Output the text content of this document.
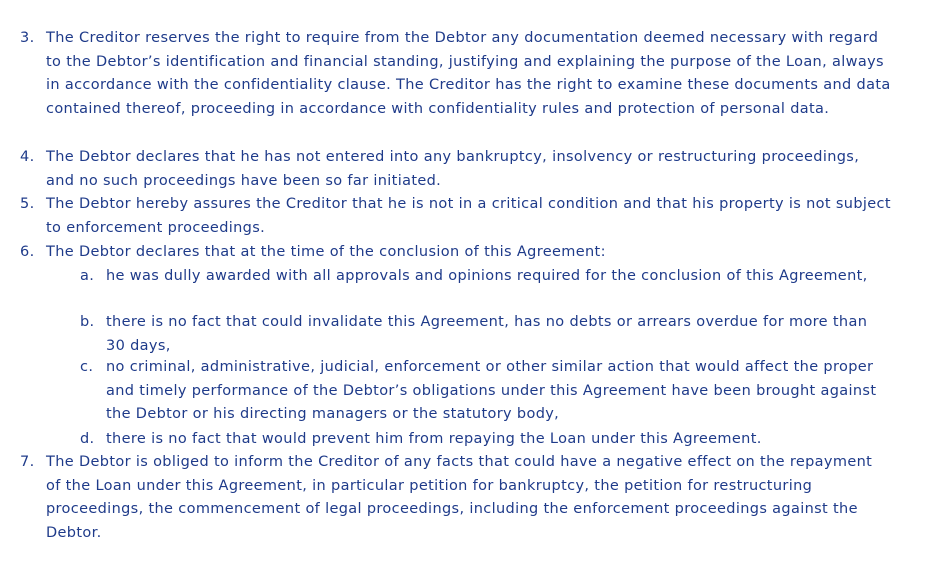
3. The Creditor reserves the right to require from the Debtor any documentation deemed necessary with regard to the Debtor’s identification and financial standing, justifying and explaining the purpose of the Loan, always in accordance with the confidentiality clause. The Creditor has the right to examine these documents and data contained thereof, proceeding in accordance with confidentiality rules and protection of personal data.
4. The Debtor declares that he has not entered into any bankruptcy, insolvency or restructuring proceedings, and no such proceedings have been so far initiated.
5. The Debtor hereby assures the Creditor that he is not in a critical condition and that his property is not subject to enforcement proceedings.
6. The Debtor declares that at the time of the conclusion of this Agreement:
a. he was dully awarded with all approvals and opinions required for the conclusion of this Agreement,
b. there is no fact that could invalidate this Agreement, has no debts or arrears overdue for more than 30 days,
c. no criminal, administrative, judicial, enforcement or other similar action that would affect the proper and timely performance of the Debtor’s obligations under this Agreement have been brought against the Debtor or his directing managers or the statutory body,
d. there is no fact that would prevent him from repaying the Loan under this Agreement.
7. The Debtor is obliged to inform the Creditor of any facts that could have a negative effect on the repayment of the Loan under this Agreement, in particular petition for bankruptcy, the petition for restructuring proceedings, the commencement of legal proceedings, including the enforcement proceedings against the Debtor.
